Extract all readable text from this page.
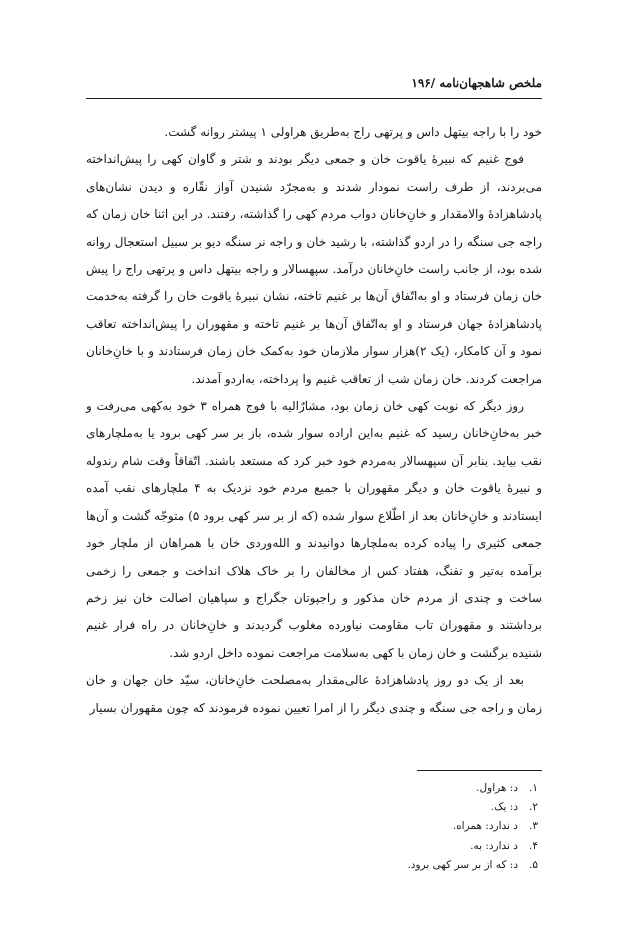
ملخص شاهجهان‌نامه /۱۹۶

خود را با راجه بیتهل داس و پرتهی راج به‌طریق هراولی ۱ پیشتر روانه گشت.

فوج غنیم که نبیرهٔ یاقوت خان و جمعی دیگر بودند و شتر و گاوان کهی را پیش‌انداخته می‌بردند، از طرف راست نمودار شدند و به‌مجرّد شنیدن آواز نقّاره و دیدن نشان‌های پادشاهزادهٔ والامقدار و خانِ‌خانان دواب مردم کهی را گذاشته، رفتند. در این اثنا خان زمان که راجه جی سنگه را در اردو گذاشته، با رشید خان و راجه نر سنگه دیو بر سبیل استعجال روانه شده بود، از جانب راست خانِ‌خانان درآمد. سپهسالار و راجه بیتهل داس و پرتهی راج را پیش خان زمان فرستاد و او به‌اتّفاق آن‌ها بر غنیم تاخته، نشان نبیرهٔ یاقوت خان را گرفته به‌خدمت پادشاهزادهٔ جهان فرستاد و او به‌اتّفاق آن‌ها بر غنیم تاخته و مقهوران را پیش‌انداخته تعاقب نمود و آن کامکار، (یک ۲)هزار سوار ملازمان خود به‌کمک خان زمان فرستادند و با خانِ‌خانان مراجعت کردند. خان زمان شب از تعاقب غنیم وا پرداخته، به‌اردو آمدند.

روز دیگر که نوبت کهی خان زمان بود، مشارٌالیه با فوج همراه ۳ خود به‌کهی می‌رفت و خبر به‌خانِ‌خانان رسید که غنیم به‌این اراده سوار شده، باز بر سر کهی برود یا به‌ملچارهای نقب بیاید. بنابر آن سپهسالار به‌مردم خود خبر کرد که مستعد باشند. اتّفاقاً وقت شام رندوله و نبیرهٔ یاقوت خان و دیگر مقهوران با جمیع مردم خود نزدیک به ۴ ملچارهای نقب آمده ایستادند و خانِ‌خانان بعد از اطّلاع سوار شده (که از بر سر کهی برود ۵) متوجّه گشت و آن‌ها جمعی کثیری را پیاده کرده به‌ملچارها دوانیدند و الله‌وردی خان با همراهان از ملچار خود برآمده به‌تیر و تفنگ، هفتاد کس از مخالفان را بر خاک هلاک انداخت و جمعی را زخمی ساخت و چندی از مردم خان مذکور و راجپوتان جگراج و سپاهیان اصالت خان نیز زخم برداشتند و مقهوران تاب مقاومت نیاورده مغلوب گردیدند و خانِ‌خانان در راه فرار غنیم شنیده برگشت و خان زمان با کهی به‌سلامت مراجعت نموده داخل اردو شد.

بعد از یک دو روز پادشاهزادهٔ عالی‌مقدار به‌مصلحت خانِ‌خانان، سیّد خان جهان و خان زمان و راجه جی سنگه و چندی دیگر را از امرا تعیین نموده فرمودند که چون مقهوران بسیار

۱.د: هراول.
۲.د: یک.
۳.د ندارد: همراه.
۴.د ندارد: به.
۵.د: که از بر سر کهی برود.
